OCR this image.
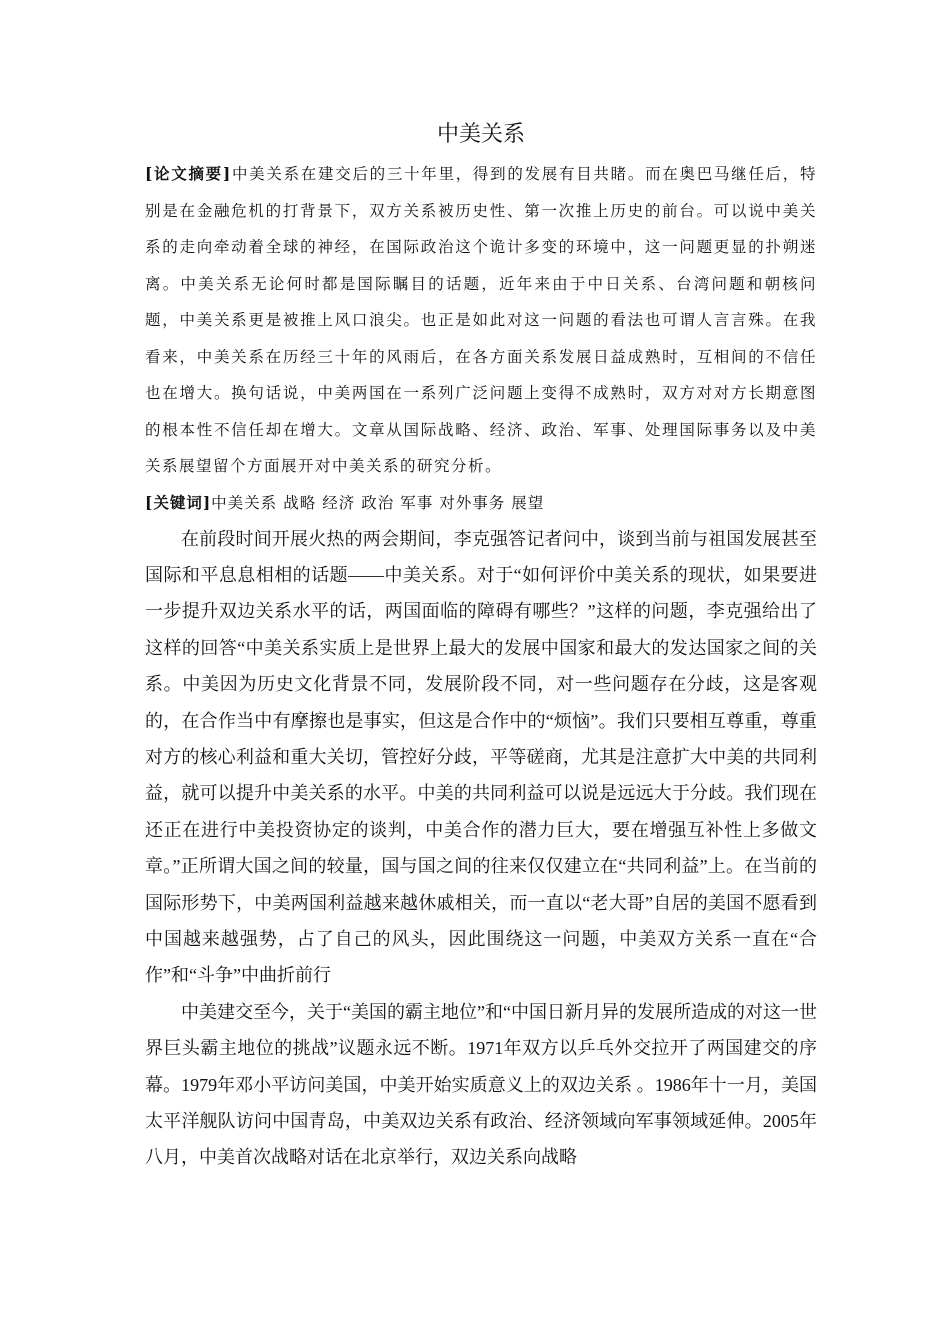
中美关系

[论文摘要]中美关系在建交后的三十年里，得到的发展有目共睹。而在奥巴马继任后，特别是在金融危机的打背景下，双方关系被历史性、第一次推上历史的前台。可以说中美关系的走向牵动着全球的神经，在国际政治这个诡计多变的环境中，这一问题更显的扑朔迷离。中美关系无论何时都是国际瞩目的话题，近年来由于中日关系、台湾问题和朝核问题，中美关系更是被推上风口浪尖。也正是如此对这一问题的看法也可谓人言言殊。在我看来，中美关系在历经三十年的风雨后，在各方面关系发展日益成熟时，互相间的不信任也在增大。换句话说，中美两国在一系列广泛问题上变得不成熟时，双方对对方长期意图的根本性不信任却在增大。文章从国际战略、经济、政治、军事、处理国际事务以及中美关系展望留个方面展开对中美关系的研究分析。

[关键词]中美关系 战略 经济 政治 军事 对外事务 展望

在前段时间开展火热的两会期间，李克强答记者问中，谈到当前与祖国发展甚至国际和平息息相相的话题——中美关系。对于“如何评价中美关系的现状，如果要进一步提升双边关系水平的话，两国面临的障碍有哪些？”这样的问题，李克强给出了这样的回答“中美关系实质上是世界上最大的发展中国家和最大的发达国家之间的关系。中美因为历史文化背景不同，发展阶段不同，对一些问题存在分歧，这是客观的，在合作当中有摩擦也是事实，但这是合作中的“烦恼”。我们只要相互尊重，尊重对方的核心利益和重大关切，管控好分歧，平等磋商，尤其是注意扩大中美的共同利益，就可以提升中美关系的水平。中美的共同利益可以说是远远大于分歧。我们现在还正在进行中美投资协定的谈判，中美合作的潜力巨大，要在增强互补性上多做文章。”正所谓大国之间的较量，国与国之间的往来仅仅建立在“共同利益”上。在当前的国际形势下，中美两国利益越来越休戚相关，而一直以“老大哥”自居的美国不愿看到中国越来越强势，占了自己的风头，因此围绕这一问题，中美双方关系一直在“合作”和“斗争”中曲折前行

中美建交至今，关于“美国的霸主地位”和“中国日新月异的发展所造成的对这一世界巨头霸主地位的挑战”议题永远不断。1971年双方以乒乓外交拉开了两国建交的序幕。1979年邓小平访问美国，中美开始实质意义上的双边关系 。1986年十一月，美国太平洋舰队访问中国青岛，中美双边关系有政治、经济领域向军事领域延伸。2005年八月，中美首次战略对话在北京举行，双边关系向战略
